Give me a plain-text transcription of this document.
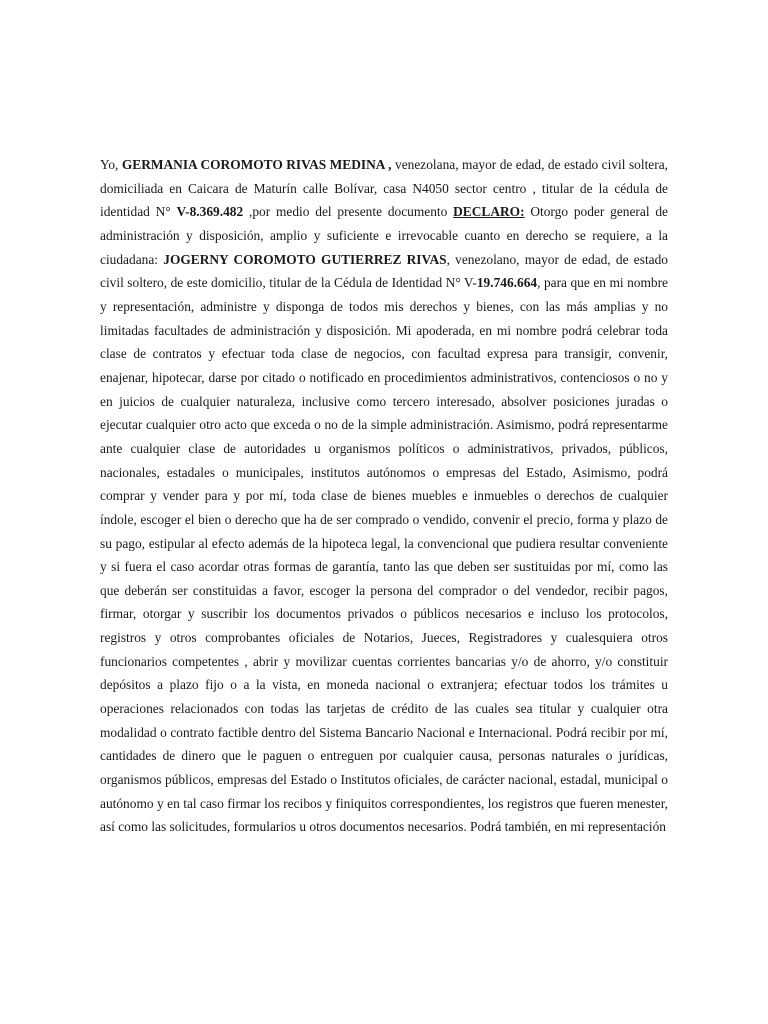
Yo, GERMANIA COROMOTO RIVAS MEDINA , venezolana, mayor de edad, de estado civil soltera, domiciliada en Caicara de Maturín calle Bolívar, casa N4050 sector centro , titular de la cédula de identidad N° V-8.369.482 ,por medio del presente documento DECLARO: Otorgo poder general de administración y disposición, amplio y suficiente e irrevocable cuanto en derecho se requiere, a la ciudadana: JOGERNY COROMOTO GUTIERREZ RIVAS, venezolano, mayor de edad, de estado civil soltero, de este domicilio, titular de la Cédula de Identidad N° V-19.746.664, para que en mi nombre y representación, administre y disponga de todos mis derechos y bienes, con las más amplias y no limitadas facultades de administración y disposición. Mi apoderada, en mi nombre podrá celebrar toda clase de contratos y efectuar toda clase de negocios, con facultad expresa para transigir, convenir, enajenar, hipotecar, darse por citado o notificado en procedimientos administrativos, contenciosos o no y en juicios de cualquier naturaleza, inclusive como tercero interesado, absolver posiciones juradas o ejecutar cualquier otro acto que exceda o no de la simple administración. Asimismo, podrá representarme ante cualquier clase de autoridades u organismos políticos o administrativos, privados, públicos, nacionales, estadales o municipales, institutos autónomos o empresas del Estado, Asimismo, podrá comprar y vender para y por mí, toda clase de bienes muebles e inmuebles o derechos de cualquier índole, escoger el bien o derecho que ha de ser comprado o vendido, convenir el precio, forma y plazo de su pago, estipular al efecto además de la hipoteca legal, la convencional que pudiera resultar conveniente y si fuera el caso acordar otras formas de garantía, tanto las que deben ser sustituidas por mí, como las que deberán ser constituidas a favor, escoger la persona del comprador o del vendedor, recibir pagos, firmar, otorgar y suscribir los documentos privados o públicos necesarios e incluso los protocolos, registros y otros comprobantes oficiales de Notarios, Jueces, Registradores y cualesquiera otros funcionarios competentes , abrir y movilizar cuentas corrientes bancarias y/o de ahorro, y/o constituir depósitos a plazo fijo o a la vista, en moneda nacional o extranjera; efectuar todos los trámites u operaciones relacionados con todas las tarjetas de crédito de las cuales sea titular y cualquier otra modalidad o contrato factible dentro del Sistema Bancario Nacional e Internacional. Podrá recibir por mí, cantidades de dinero que le paguen o entreguen por cualquier causa, personas naturales o jurídicas, organismos públicos, empresas del Estado o Institutos oficiales, de carácter nacional, estadal, municipal o autónomo y en tal caso firmar los recibos y finiquitos correspondientes, los registros que fueren menester, así como las solicitudes, formularios u otros documentos necesarios. Podrá también, en mi representación
